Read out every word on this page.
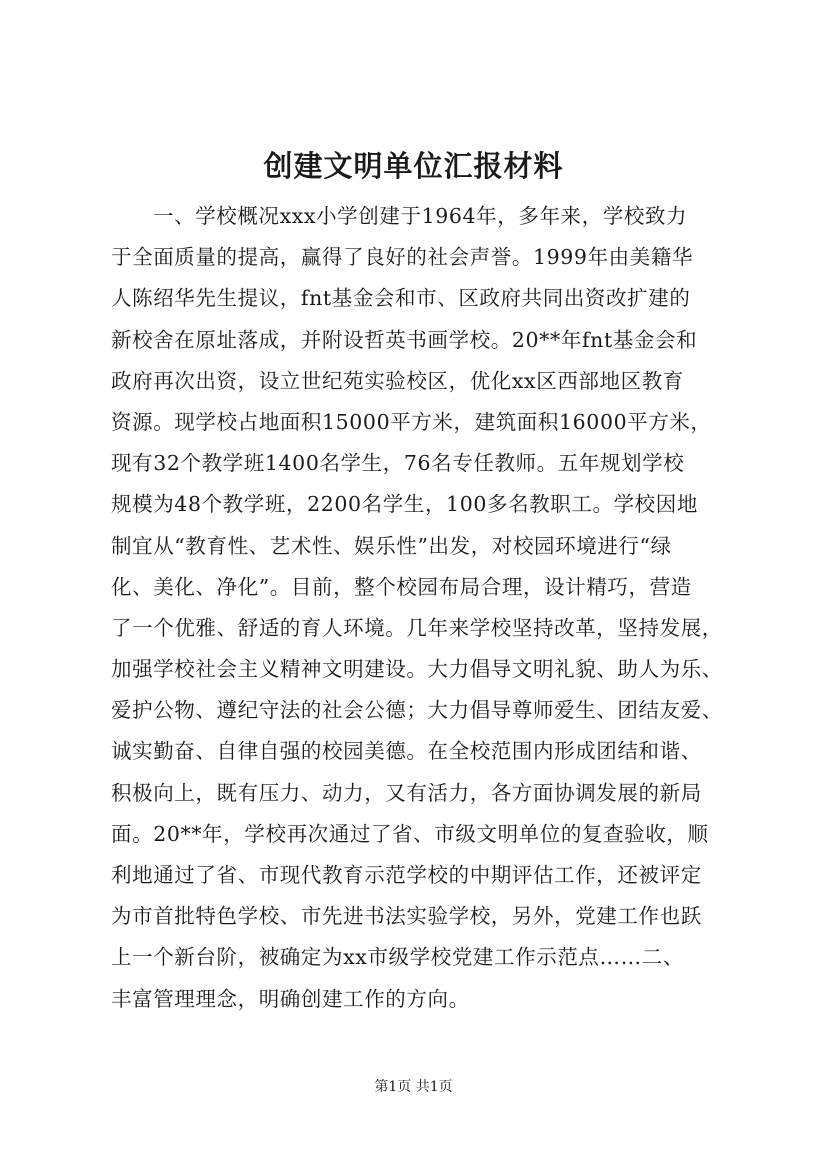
创建文明单位汇报材料
一、学校概况xxx小学创建于1964年，多年来，学校致力
于全面质量的提高，赢得了良好的社会声誉。1999年由美籍华
人陈绍华先生提议，fnt基金会和市、区政府共同出资改扩建的
新校舍在原址落成，并附设哲英书画学校。20**年fnt基金会和
政府再次出资，设立世纪苑实验校区，优化xx区西部地区教育
资源。现学校占地面积15000平方米，建筑面积16000平方米，
现有32个教学班1400名学生，76名专任教师。五年规划学校
规模为48个教学班，2200名学生，100多名教职工。学校因地
制宜从“教育性、艺术性、娱乐性”出发，对校园环境进行“绿
化、美化、净化”。目前，整个校园布局合理，设计精巧，营造
了一个优雅、舒适的育人环境。几年来学校坚持改革，坚持发展，
加强学校社会主义精神文明建设。大力倡导文明礼貌、助人为乐、
爱护公物、遵纪守法的社会公德；大力倡导尊师爱生、团结友爱、
诚实勤奋、自律自强的校园美德。在全校范围内形成团结和谐、
积极向上，既有压力、动力，又有活力，各方面协调发展的新局
面。20**年，学校再次通过了省、市级文明单位的复查验收，顺
利地通过了省、市现代教育示范学校的中期评估工作，还被评定
为市首批特色学校、市先进书法实验学校，另外，党建工作也跃
上一个新台阶，被确定为xx市级学校党建工作示范点……二、
丰富管理理念，明确创建工作的方向。
第1页 共1页
